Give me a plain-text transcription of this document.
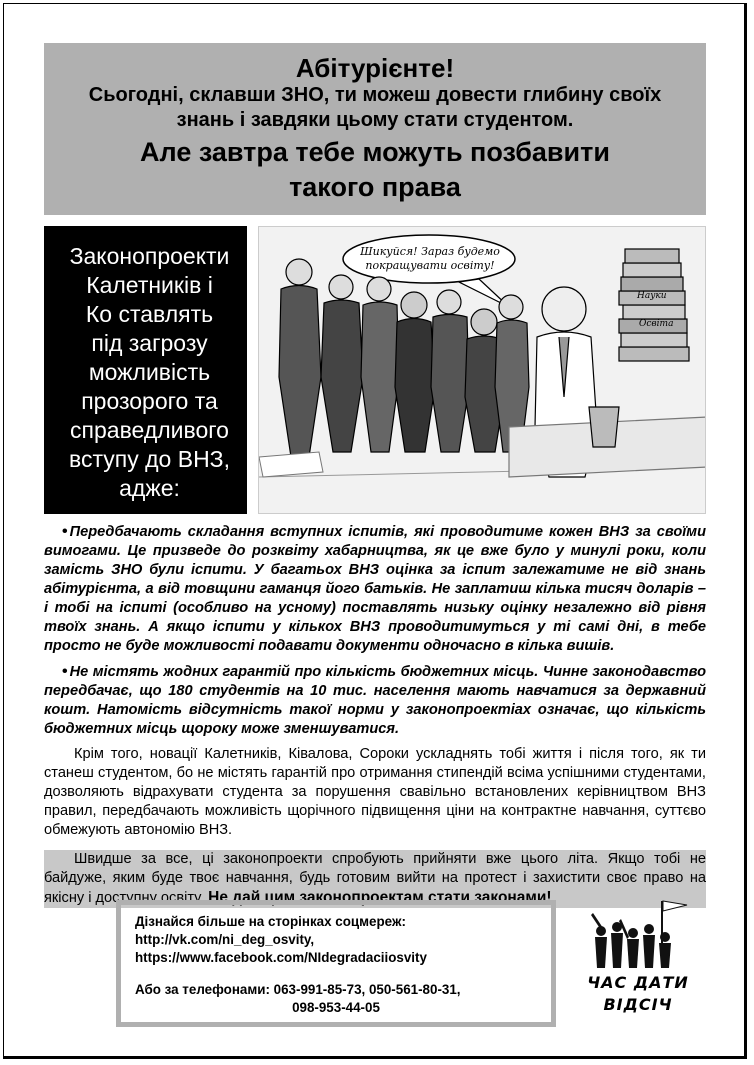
Абітурієнте!
Сьогодні, склавши ЗНО, ти можеш довести глибину своїх
знань і завдяки цьому стати студентом.
Але завтра тебе можуть позбавити
такого права
Законопроекти
Калетників і
Ко ставлять
під загрозу
можливість
прозорого та
справедливого
вступу до ВНЗ,
адже:
Шикуйся! Зараз будемо покращувати освіту!
Науки
Освіта
• Передбачають складання вступних іспитів, які проводитиме кожен ВНЗ за своїми вимогами. Це призведе до розквіту хабарництва, як це вже було у минулі роки, коли замість ЗНО були іспити. У багатьох ВНЗ оцінка за іспит залежатиме не від знань абітурієнта, а від товщини гаманця його батьків. Не заплатиш кілька тисяч доларів – і тобі на іспиті (особливо на усному) поставлять низьку оцінку незалежно від рівня твоїх знань. А якщо іспити у кількох ВНЗ проводитимуться у ті самі дні, в тебе просто не буде можливості подавати документи одночасно в кілька вишів.
• Не містять жодних гарантій про кількість бюджетних місць. Чинне законодавство передбачає, що 180 студентів на 10 тис. населення мають навчатися за державний кошт. Натомість відсутність такої норми у законопроектіах означає, що кількість бюджетних місць щороку може зменшуватися.
Крім того, новації Калетників, Ківалова, Сороки ускладнять тобі життя і після того, як ти станеш студентом, бо не містять гарантій про отримання стипендій всіма успішними студентами, дозволяють відрахувати студента за порушення свавільно встановлених керівництвом ВНЗ правил, передбачають можливість щорічного підвищення ціни на контрактне навчання, суттєво обмежують автономію ВНЗ.
Швидше за все, ці законопроекти спробують прийняти вже цього літа. Якщо тобі не байдуже, яким буде твоє навчання, будь готовим вийти на протест і захистити своє право на якісну і доступну освіту. Не дай цим законопроектам стати законами!
Дізнайся більше на сторінках соцмереж:
http://vk.com/ni_deg_osvity,
https://www.facebook.com/NIdegradaciiosvity
Або за телефонами: 063-991-85-73, 050-561-80-31,
098-953-44-05
ЧАС ДАТИ
ВІДСІЧ
